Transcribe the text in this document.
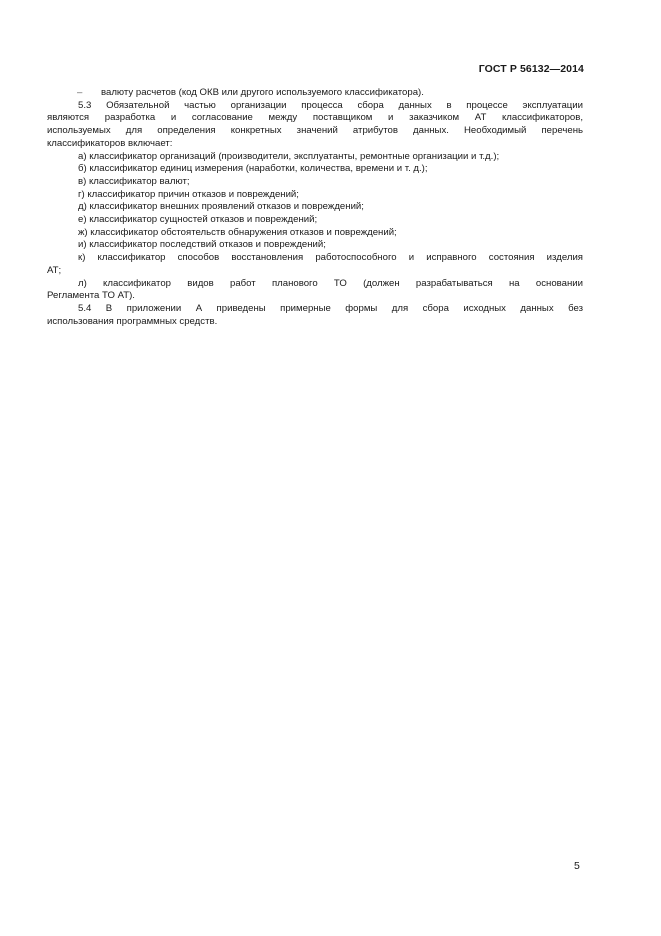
ГОСТ Р 56132—2014
–	валюту расчетов (код ОКВ или другого используемого классификатора).
5.3 Обязательной частью организации процесса сбора данных в процессе эксплуатации
являются разработка и согласование между поставщиком и заказчиком АТ классификаторов,
используемых для определения конкретных значений атрибутов данных. Необходимый перечень
классификаторов включает:
а) классификатор организаций (производители, эксплуатанты, ремонтные организации и т.д.);
б) классификатор единиц измерения (наработки, количества, времени и т. д.);
в) классификатор валют;
г) классификатор причин отказов и повреждений;
д) классификатор внешних проявлений отказов и повреждений;
е) классификатор сущностей отказов и повреждений;
ж) классификатор обстоятельств обнаружения отказов и повреждений;
и) классификатор последствий отказов и повреждений;
к) классификатор способов восстановления работоспособного и исправного состояния изделия
АТ;
л) классификатор видов работ планового ТО (должен разрабатываться на основании
Регламента ТО АТ).
5.4 В приложении А приведены примерные формы для сбора исходных данных без
использования программных средств.
5
